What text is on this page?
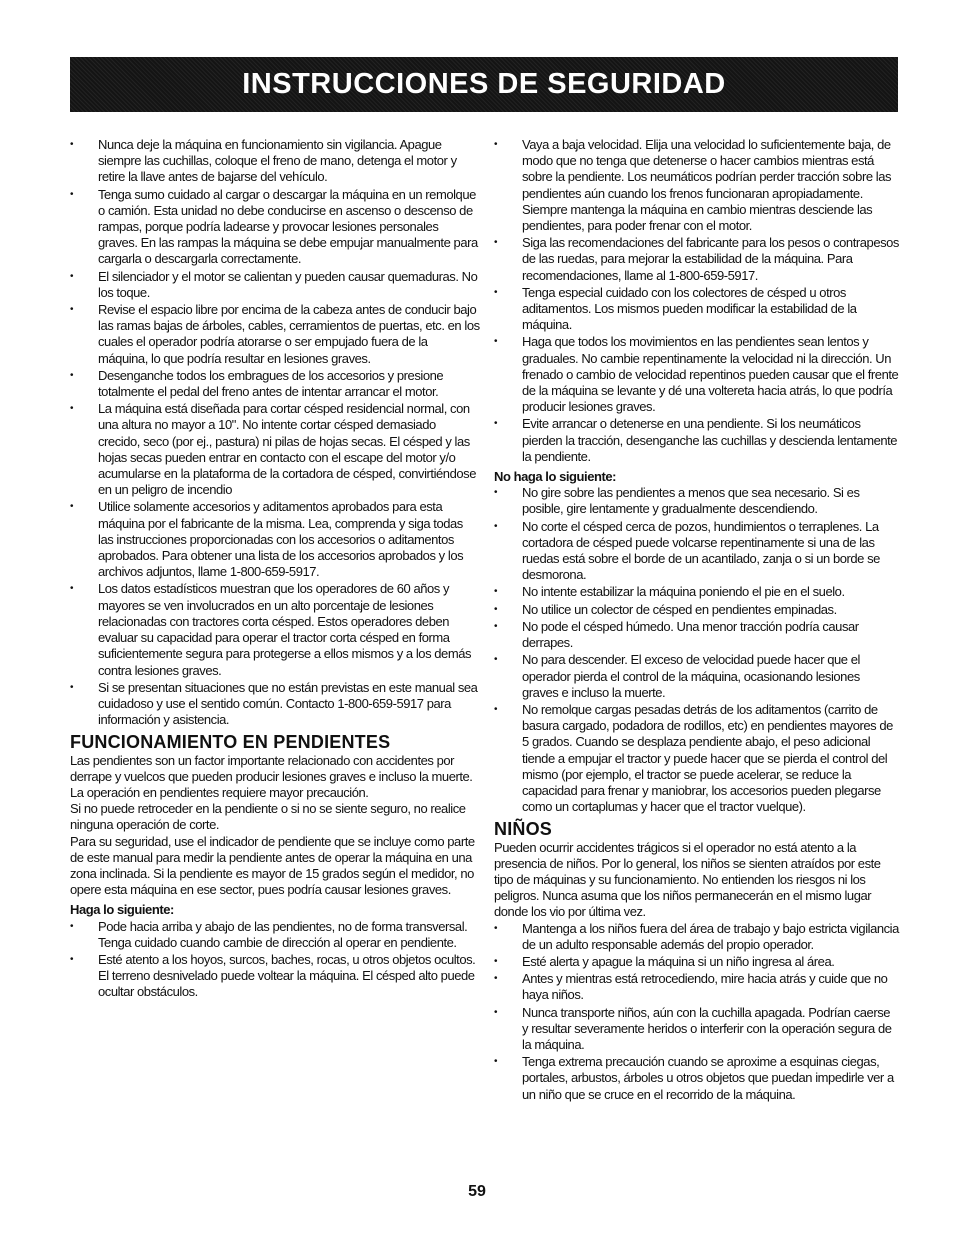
INSTRUCCIONES DE SEGURIDAD
• Nunca deje la máquina en funcionamiento sin vigilancia. Apague siempre las cuchillas, coloque el freno de mano, detenga el motor y retire la llave antes de bajarse del vehículo.
• Tenga sumo cuidado al cargar o descargar la máquina en un remolque o camión. Esta unidad no debe conducirse en ascenso o descenso de rampas, porque podría ladearse y provocar lesiones personales graves. En las rampas la máquina se debe empujar manualmente para cargarla o descargarla correctamente.
• El silenciador y el motor se calientan y pueden causar quemaduras. No los toque.
• Revise el espacio libre por encima de la cabeza antes de conducir bajo las ramas bajas de árboles, cables, cerramientos de puertas, etc. en los cuales el operador podría atorarse o ser empujado fuera de la máquina, lo que podría resultar en lesiones graves.
• Desenganche todos los embragues de los accesorios y presione totalmente el pedal del freno antes de intentar arrancar el motor.
• La máquina está diseñada para cortar césped residencial normal, con una altura no mayor a 10". No intente cortar césped demasiado crecido, seco (por ej., pastura) ni pilas de hojas secas. El césped y las hojas secas pueden entrar en contacto con el escape del motor y/o acumularse en la plataforma de la cortadora de césped, convirtiéndose en un peligro de incendio
• Utilice solamente accesorios y aditamentos aprobados para esta máquina por el fabricante de la misma. Lea, comprenda y siga todas las instrucciones proporcionadas con los accesorios o aditamentos aprobados. Para obtener una lista de los accesorios aprobados y los archivos adjuntos, llame 1-800-659-5917.
• Los datos estadísticos muestran que los operadores de 60 años y mayores se ven involucrados en un alto porcentaje de lesiones relacionadas con tractores corta césped. Estos operadores deben evaluar su capacidad para operar el tractor corta césped en forma suficientemente segura para protegerse a ellos mismos y a los demás contra lesiones graves.
• Si se presentan situaciones que no están previstas en este manual sea cuidadoso y use el sentido común. Contacto 1-800-659-5917 para información y asistencia.
FUNCIONAMIENTO EN PENDIENTES

Las pendientes son un factor importante relacionado con accidentes por derrape y vuelcos que pueden producir lesiones graves e incluso la muerte. La operación en pendientes requiere mayor precaución.

Si no puede retroceder en la pendiente o si no se siente seguro, no realice ninguna operación de corte.

Para su seguridad, use el indicador de pendiente que se incluye como parte de este manual para medir la pendiente antes de operar la máquina en una zona inclinada. Si la pendiente es mayor de 15 grados según el medidor, no opere esta máquina en ese sector, pues podría causar lesiones graves.

Haga lo siguiente:
• Pode hacia arriba y abajo de las pendientes, no de forma transversal. Tenga cuidado cuando cambie de dirección al operar en pendiente.
• Esté atento a los hoyos, surcos, baches, rocas, u otros objetos ocultos. El terreno desnivelado puede voltear la máquina. El césped alto puede ocultar obstáculos.
• Vaya a baja velocidad. Elija una velocidad lo suficientemente baja, de modo que no tenga que detenerse o hacer cambios mientras está sobre la pendiente. Los neumáticos podrían perder tracción sobre las pendientes aún cuando los frenos funcionaran apropiadamente. Siempre mantenga la máquina en cambio mientras desciende las pendientes, para poder frenar con el motor.
• Siga las recomendaciones del fabricante para los pesos o contrapesos de las ruedas, para mejorar la estabilidad de la máquina. Para recomendaciones, llame al 1-800-659-5917.
• Tenga especial cuidado con los colectores de césped u otros aditamentos. Los mismos pueden modificar la estabilidad de la máquina.
• Haga que todos los movimientos en las pendientes sean lentos y graduales. No cambie repentinamente la velocidad ni la dirección. Un frenado o cambio de velocidad repentinos pueden causar que el frente de la máquina se levante y dé una voltereta hacia atrás, lo que podría producir lesiones graves.
• Evite arrancar o detenerse en una pendiente. Si los neumáticos pierden la tracción, desenganche las cuchillas y descienda lentamente la pendiente.
No haga lo siguiente:
• No gire sobre las pendientes a menos que sea necesario. Si es posible, gire lentamente y gradualmente descendiendo.
• No corte el césped cerca de pozos, hundimientos o terraplenes. La cortadora de césped puede volcarse repentinamente si una de las ruedas está sobre el borde de un acantilado, zanja o si un borde se desmorona.
• No intente estabilizar la máquina poniendo el pie en el suelo.
• No utilice un colector de césped en pendientes empinadas.
• No pode el césped húmedo. Una menor tracción podría causar derrapes.
• No para descender. El exceso de velocidad puede hacer que el operador pierda el control de la máquina, ocasionando lesiones graves e incluso la muerte.
• No remolque cargas pesadas detrás de los aditamentos (carrito de basura cargado, podadora de rodillos, etc) en pendientes mayores de 5 grados. Cuando se desplaza pendiente abajo, el peso adicional tiende a empujar el tractor y puede hacer que se pierda el control del mismo (por ejemplo, el tractor se puede acelerar, se reduce la capacidad para frenar y maniobrar, los accesorios pueden plegarse como un cortaplumas y hacer que el tractor vuelque).
NIÑOS

Pueden ocurrir accidentes trágicos si el operador no está atento a la presencia de niños. Por lo general, los niños se sienten atraídos por este tipo de máquinas y su funcionamiento. No entienden los riesgos ni los peligros. Nunca asuma que los niños permanecerán en el mismo lugar donde los vio por última vez.

• Mantenga a los niños fuera del área de trabajo y bajo estricta vigilancia de un adulto responsable además del propio operador.
• Esté alerta y apague la máquina si un niño ingresa al área.
• Antes y mientras está retrocediendo, mire hacia atrás y cuide que no haya niños.
• Nunca transporte niños, aún con la cuchilla apagada. Podrían caerse y resultar severamente heridos o interferir con la operación segura de la máquina.
• Tenga extrema precaución cuando se aproxime a esquinas ciegas, portales, arbustos, árboles u otros objetos que puedan impedirle ver a un niño que se cruce en el recorrido de la máquina.
59
